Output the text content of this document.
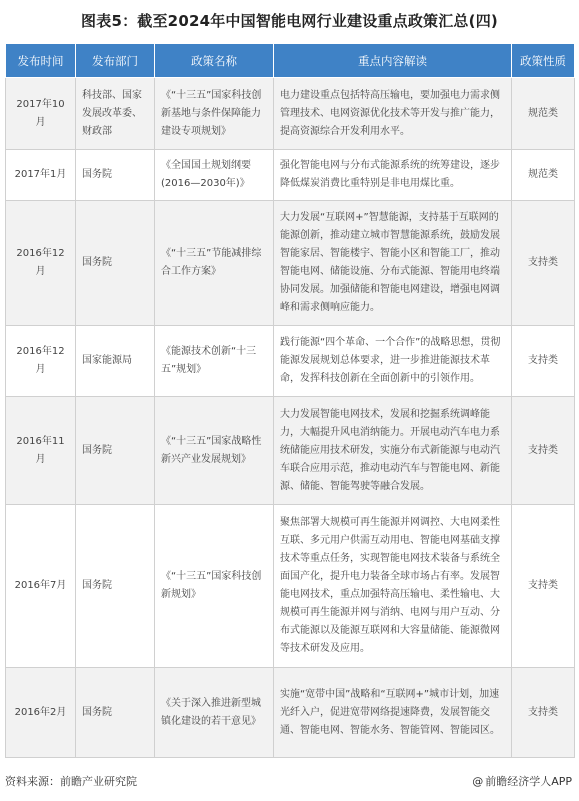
图表5：截至2024年中国智能电网行业建设重点政策汇总(四)
发布时间	发布部门	政策名称	重点内容解读	政策性质
2017年10月	科技部、国家发展改革委、财政部	《“十三五”国家科技创新基地与条件保障能力建设专项规划》	电力建设重点包括特高压输电，要加强电力需求侧管理技术、电网资源优化技术等开发与推广能力，提高资源综合开发利用水平。	规范类
2017年1月	国务院	《全国国土规划纲要(2016—2030年)》	强化智能电网与分布式能源系统的统筹建设，逐步降低煤炭消费比重特别是非电用煤比重。	规范类
2016年12月	国务院	《“十三五”节能减排综合工作方案》	大力发展“互联网+”智慧能源，支持基于互联网的能源创新，推动建立城市智慧能源系统，鼓励发展智能家居、智能楼宇、智能小区和智能工厂，推动智能电网、储能设施、分布式能源、智能用电终端协同发展。加强储能和智能电网建设，增强电网调峰和需求侧响应能力。	支持类
2016年12月	国家能源局	《能源技术创新“十三五”规划》	践行能源“四个革命、一个合作”的战略思想，贯彻能源发展规划总体要求，进一步推进能源技术革命，发挥科技创新在全面创新中的引领作用。	支持类
2016年11月	国务院	《“十三五”国家战略性新兴产业发展规划》	大力发展智能电网技术，发展和挖掘系统调峰能力，大幅提升风电消纳能力。开展电动汽车电力系统储能应用技术研发，实施分布式新能源与电动汽车联合应用示范，推动电动汽车与智能电网、新能源、储能、智能驾驶等融合发展。	支持类
2016年7月	国务院	《“十三五”国家科技创新规划》	聚焦部署大规模可再生能源并网调控、大电网柔性互联、多元用户供需互动用电、智能电网基础支撑技术等重点任务，实现智能电网技术装备与系统全面国产化，提升电力装备全球市场占有率。发展智能电网技术，重点加强特高压输电、柔性输电、大规模可再生能源并网与消纳、电网与用户互动、分布式能源以及能源互联网和大容量储能、能源微网等技术研发及应用。	支持类
2016年2月	国务院	《关于深入推进新型城镇化建设的若干意见》	实施“宽带中国”战略和“互联网+”城市计划，加速光纤入户，促进宽带网络提速降费，发展智能交通、智能电网、智能水务、智能管网、智能园区。	支持类
资料来源：前瞻产业研究院	@ 前瞻经济学人APP
